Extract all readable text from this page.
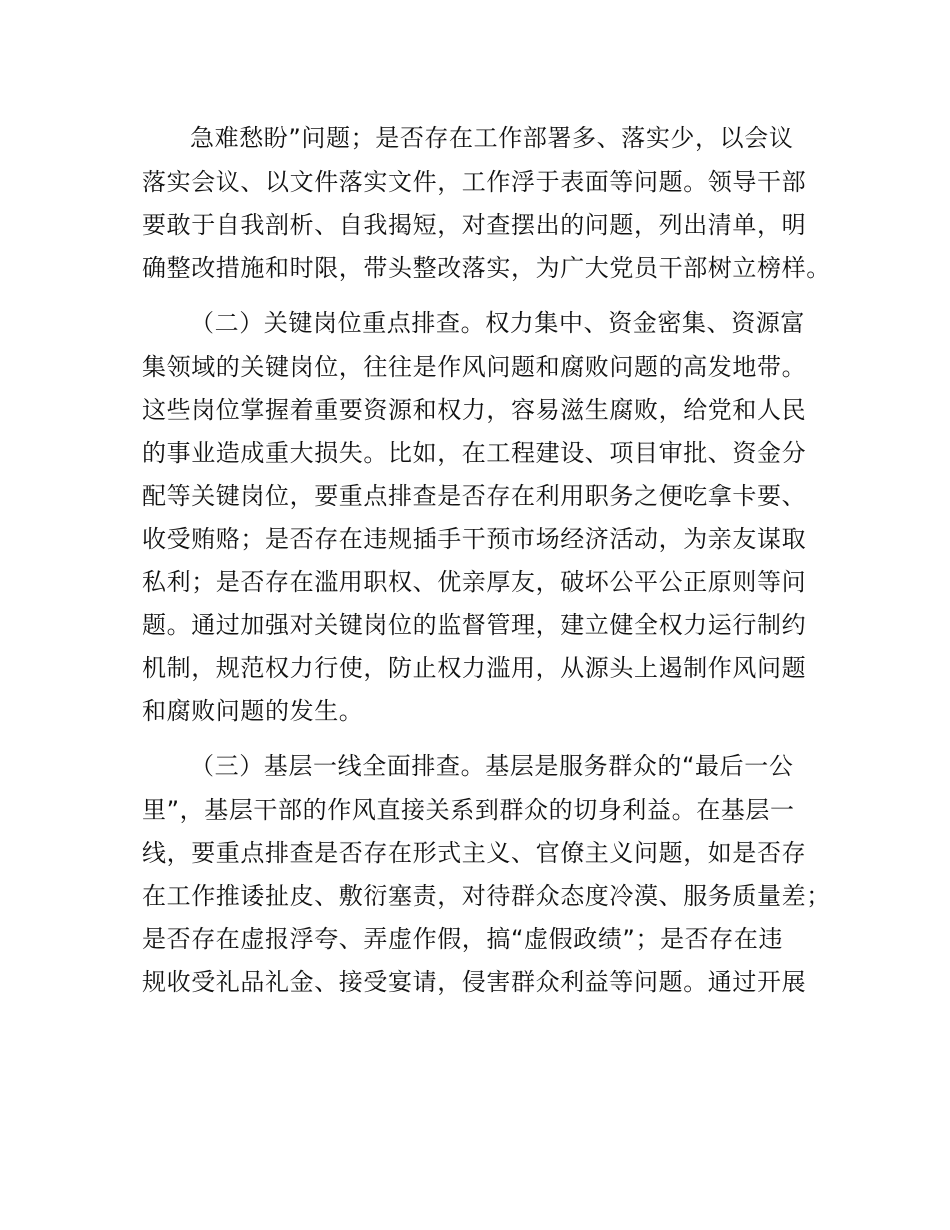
急难愁盼”问题；是否存在工作部署多、落实少，以会议
落实会议、以文件落实文件，工作浮于表面等问题。领导干部
要敢于自我剖析、自我揭短，对查摆出的问题，列出清单，明
确整改措施和时限，带头整改落实，为广大党员干部树立榜样。
（二）关键岗位重点排查。权力集中、资金密集、资源富
集领域的关键岗位，往往是作风问题和腐败问题的高发地带。
这些岗位掌握着重要资源和权力，容易滋生腐败，给党和人民
的事业造成重大损失。比如，在工程建设、项目审批、资金分
配等关键岗位，要重点排查是否存在利用职务之便吃拿卡要、
收受贿赂；是否存在违规插手干预市场经济活动，为亲友谋取
私利；是否存在滥用职权、优亲厚友，破坏公平公正原则等问
题。通过加强对关键岗位的监督管理，建立健全权力运行制约
机制，规范权力行使，防止权力滥用，从源头上遏制作风问题
和腐败问题的发生。
（三）基层一线全面排查。基层是服务群众的“最后一公
里”，基层干部的作风直接关系到群众的切身利益。在基层一
线，要重点排查是否存在形式主义、官僚主义问题，如是否存
在工作推诿扯皮、敷衍塞责，对待群众态度冷漠、服务质量差；
是否存在虚报浮夸、弄虚作假，搞“虚假政绩”；是否存在违
规收受礼品礼金、接受宴请，侵害群众利益等问题。通过开展
